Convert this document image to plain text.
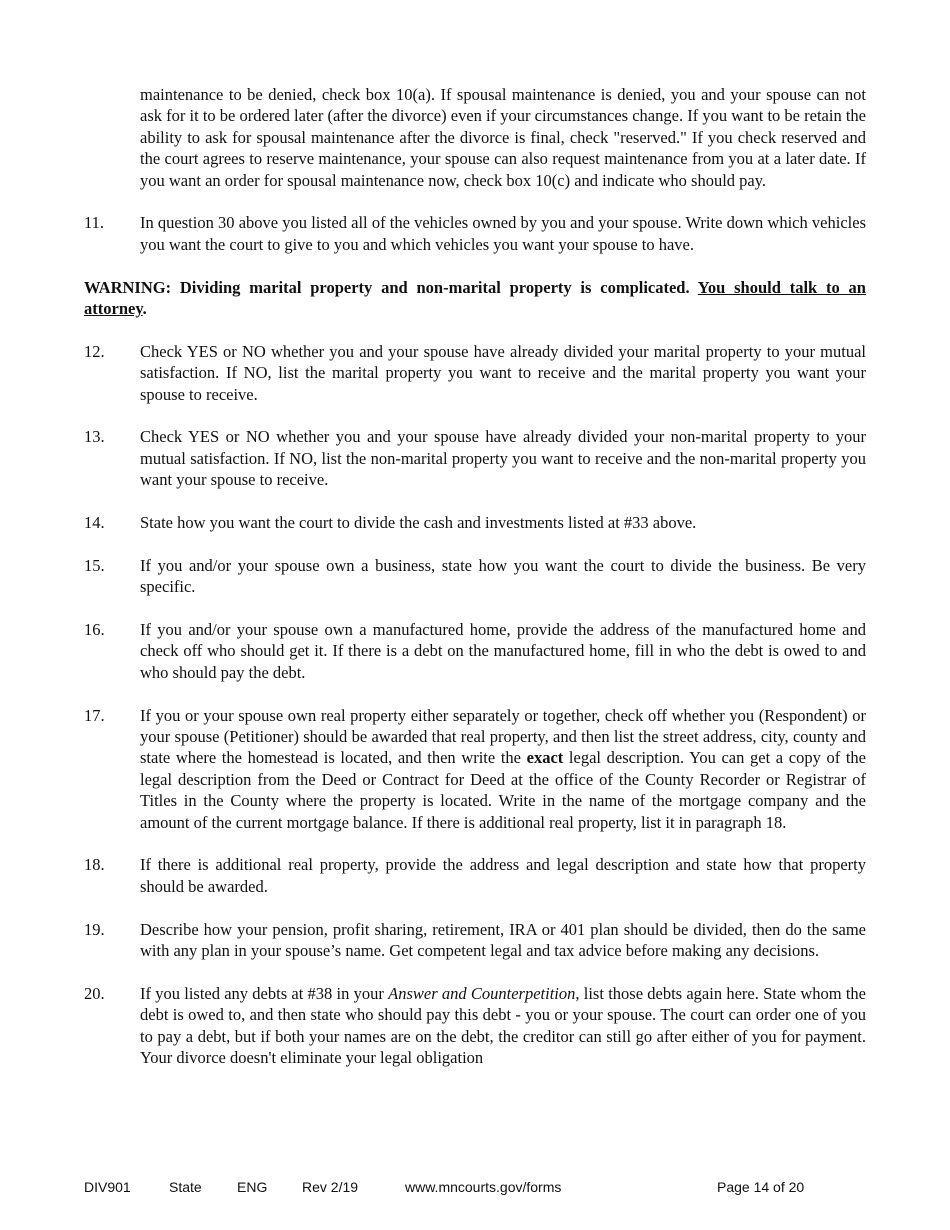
maintenance to be denied, check box 10(a). If spousal maintenance is denied, you and your spouse can not ask for it to be ordered later (after the divorce) even if your circumstances change. If you want to be retain the ability to ask for spousal maintenance after the divorce is final, check "reserved." If you check reserved and the court agrees to reserve maintenance, your spouse can also request maintenance from you at a later date. If you want an order for spousal maintenance now, check box 10(c) and indicate who should pay.

11. In question 30 above you listed all of the vehicles owned by you and your spouse. Write down which vehicles you want the court to give to you and which vehicles you want your spouse to have.

WARNING: Dividing marital property and non-marital property is complicated. You should talk to an attorney.

12. Check YES or NO whether you and your spouse have already divided your marital property to your mutual satisfaction. If NO, list the marital property you want to receive and the marital property you want your spouse to receive.
13. Check YES or NO whether you and your spouse have already divided your non-marital property to your mutual satisfaction. If NO, list the non-marital property you want to receive and the non-marital property you want your spouse to receive.
14. State how you want the court to divide the cash and investments listed at #33 above.
15. If you and/or your spouse own a business, state how you want the court to divide the business. Be very specific.
16. If you and/or your spouse own a manufactured home, provide the address of the manufactured home and check off who should get it. If there is a debt on the manufactured home, fill in who the debt is owed to and who should pay the debt.
17. If you or your spouse own real property either separately or together, check off whether you (Respondent) or your spouse (Petitioner) should be awarded that real property, and then list the street address, city, county and state where the homestead is located, and then write the exact legal description. You can get a copy of the legal description from the Deed or Contract for Deed at the office of the County Recorder or Registrar of Titles in the County where the property is located. Write in the name of the mortgage company and the amount of the current mortgage balance. If there is additional real property, list it in paragraph 18.
18. If there is additional real property, provide the address and legal description and state how that property should be awarded.
19. Describe how your pension, profit sharing, retirement, IRA or 401 plan should be divided, then do the same with any plan in your spouse’s name. Get competent legal and tax advice before making any decisions.
20. If you listed any debts at #38 in your Answer and Counterpetition, list those debts again here. State whom the debt is owed to, and then state who should pay this debt - you or your spouse. The court can order one of you to pay a debt, but if both your names are on the debt, the creditor can still go after either of you for payment. Your divorce doesn't eliminate your legal obligation
DIV901	State	ENG Rev 2/19	www.mncourts.gov/forms	Page 14 of 20
